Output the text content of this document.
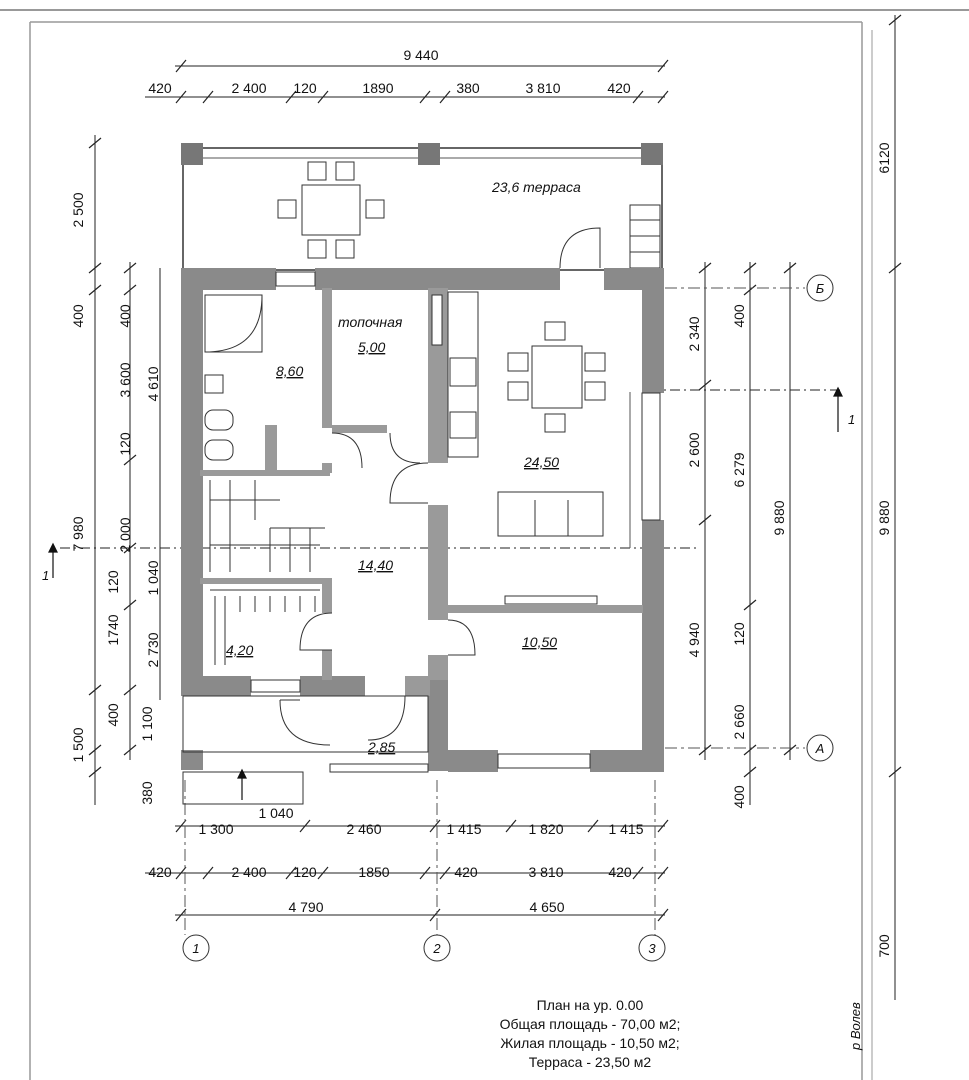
Б
А
1	2	3
1
1
23,6 терраса
топочная
5,00
8,60
24,50
14,40
4,20	10,50
2,85
9 440
420	2 400 120	1890	380	3 810	420
1 040
1 300	2 460	1 415	1 820	1 415
420	2 400 120	1850	420	3 810	420
4 790	4 650
2 500
400
7 980
120
1740
400
1 500
380
400
3 600
120
2 000
1 040
2 730
1 100
4 610
2 340
2 600
4 940
400
6 279
120
2 660
400
9 880
6120
9 880
700
План на ур. 0.00
Общая площадь - 70,00 м2;
Жилая площадь - 10,50 м2;
Терраса - 23,50 м2
р Волев
